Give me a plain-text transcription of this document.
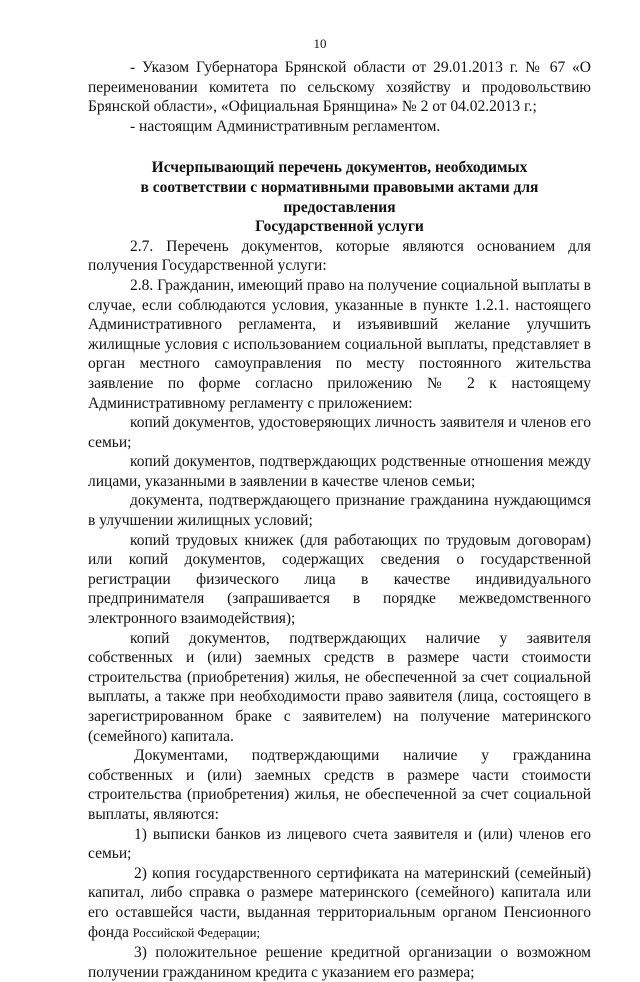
10

- Указом Губернатора Брянской области от 29.01.2013 г. № 67 «О переименовании комитета по сельскому хозяйству и продовольствию Брянской области», «Официальная Брянщина» № 2 от 04.02.2013 г.;

- настоящим Административным регламентом.

Исчерпывающий перечень документов, необходимых

в соответствии с нормативными правовыми актами для предоставления

Государственной услуги

2.7. Перечень документов, которые являются основанием для получения Государственной услуги:

2.8. Гражданин, имеющий право на получение социальной выплаты в случае, если соблюдаются условия, указанные в пункте 1.2.1. настоящего Административного регламента, и изъявивший желание улучшить жилищные условия с использованием социальной выплаты, представляет в орган местного самоуправления по месту постоянного жительства заявление по форме согласно приложению № 2 к настоящему Административному регламенту с приложением:

копий документов, удостоверяющих личность заявителя и членов его семьи;

копий документов, подтверждающих родственные отношения между лицами, указанными в заявлении в качестве членов семьи;

документа, подтверждающего признание гражданина нуждающимся в улучшении жилищных условий;

копий трудовых книжек (для работающих по трудовым договорам) или копий документов, содержащих сведения о государственной регистрации физического лица в качестве индивидуального предпринимателя (запрашивается в порядке межведомственного электронного взаимодействия);

копий документов, подтверждающих наличие у заявителя собственных и (или) заемных средств в размере части стоимости строительства (приобретения) жилья, не обеспеченной за счет социальной выплаты, а также при необходимости право заявителя (лица, состоящего в зарегистрированном браке с заявителем) на получение материнского (семейного) капитала.

Документами, подтверждающими наличие у гражданина собственных и (или) заемных средств в размере части стоимости строительства (приобретения) жилья, не обеспеченной за счет социальной выплаты, являются:

1) выписки банков из лицевого счета заявителя и (или) членов его семьи;

2) копия государственного сертификата на материнский (семейный) капитал, либо справка о размере материнского (семейного) капитала или его оставшейся части, выданная территориальным органом Пенсионного фонда Российской Федерации;

3) положительное решение кредитной организации о возможном получении гражданином кредита с указанием его размера;
